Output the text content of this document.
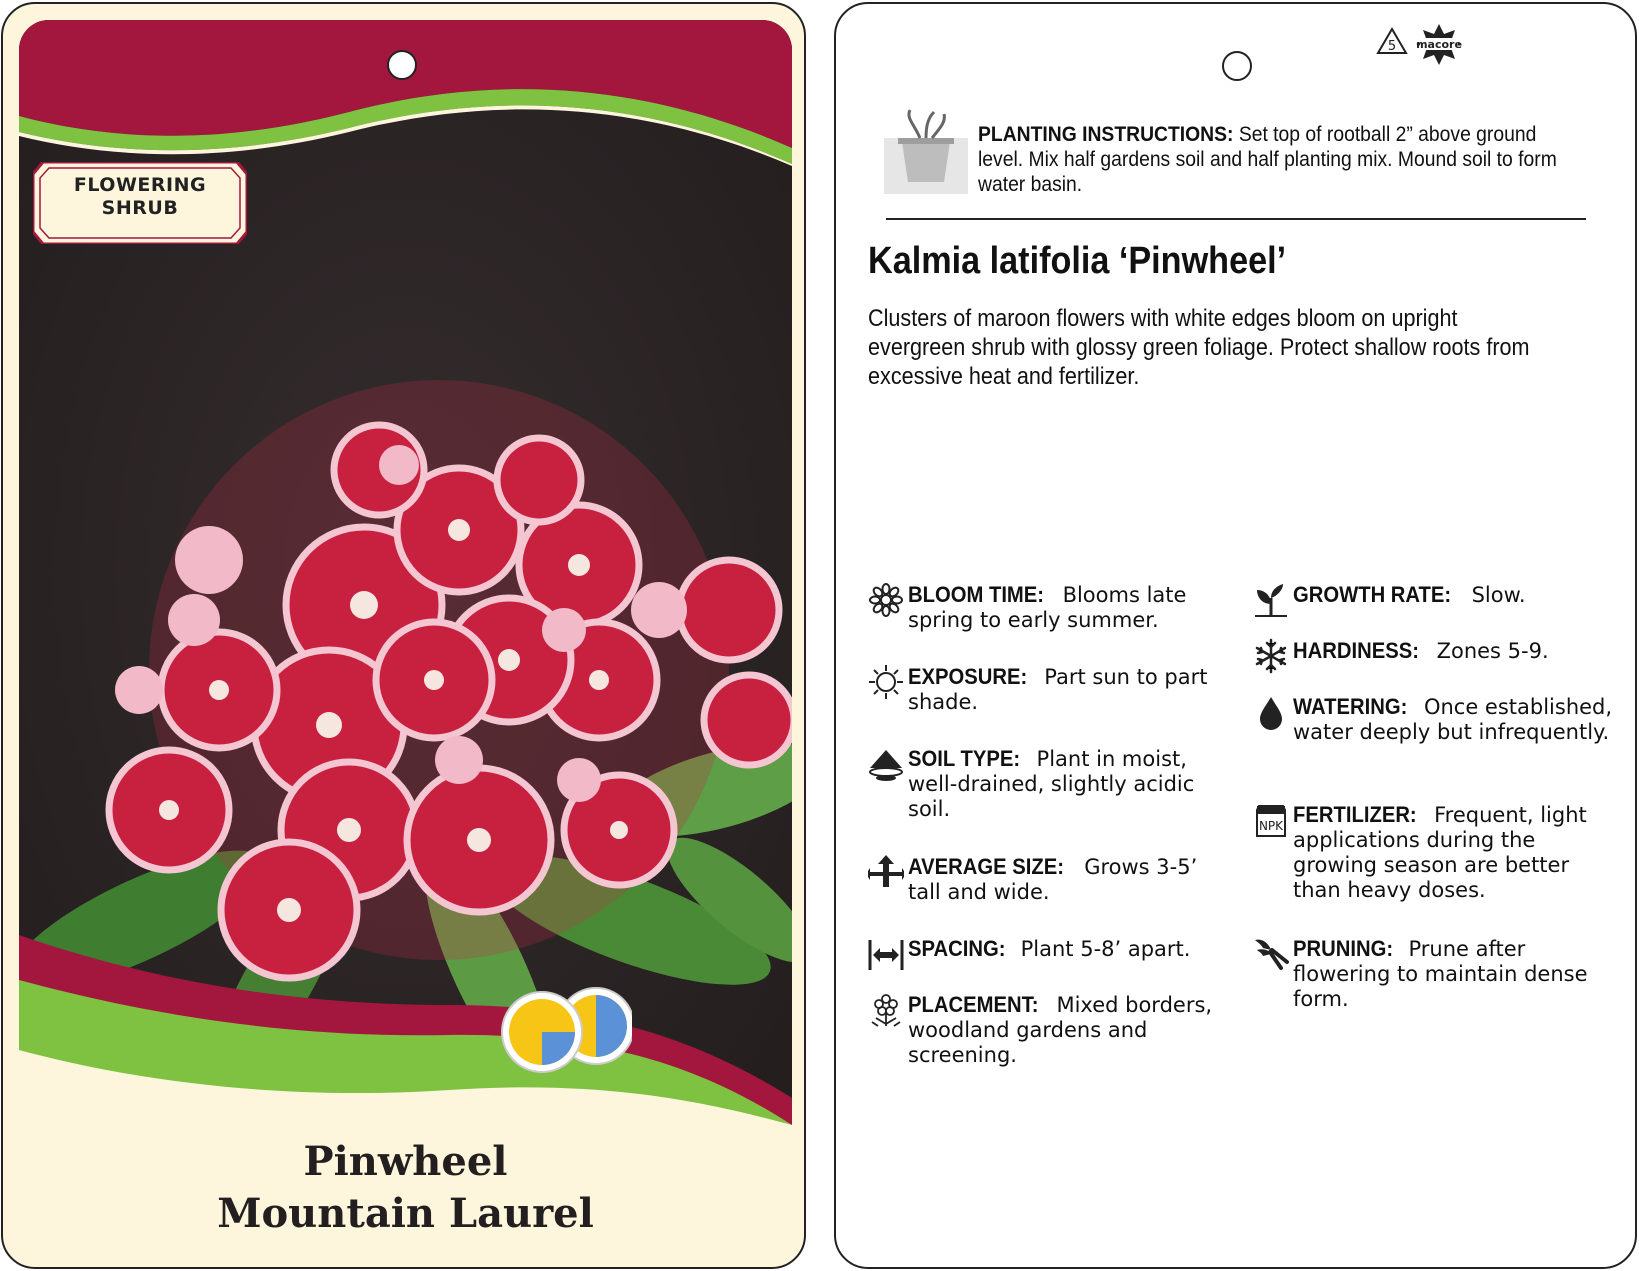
FLOWERING
SHRUB
Pinwheel
Mountain Laurel
5 macore
PLANTING INSTRUCTIONS: Set top of rootball 2” above ground level. Mix half gardens soil and half planting mix. Mound soil to form water basin.
Kalmia latifolia ‘Pinwheel’
Clusters of maroon flowers with white edges bloom on upright evergreen shrub with glossy green foliage. Protect shallow roots from excessive heat and fertilizer.
BLOOM TIME: Blooms late spring to early summer.
EXPOSURE: Part sun to part shade.
SOIL TYPE: Plant in moist, well-drained, slightly acidic soil.
AVERAGE SIZE: Grows 3-5’ tall and wide.
SPACING: Plant 5-8’ apart.
PLACEMENT: Mixed borders, woodland gardens and screening.
GROWTH RATE: Slow.
HARDINESS: Zones 5-9.
WATERING: Once established, water deeply but infrequently.
NPK FERTILIZER: Frequent, light applications during the growing season are better than heavy doses.
PRUNING: Prune after flowering to maintain dense form.
